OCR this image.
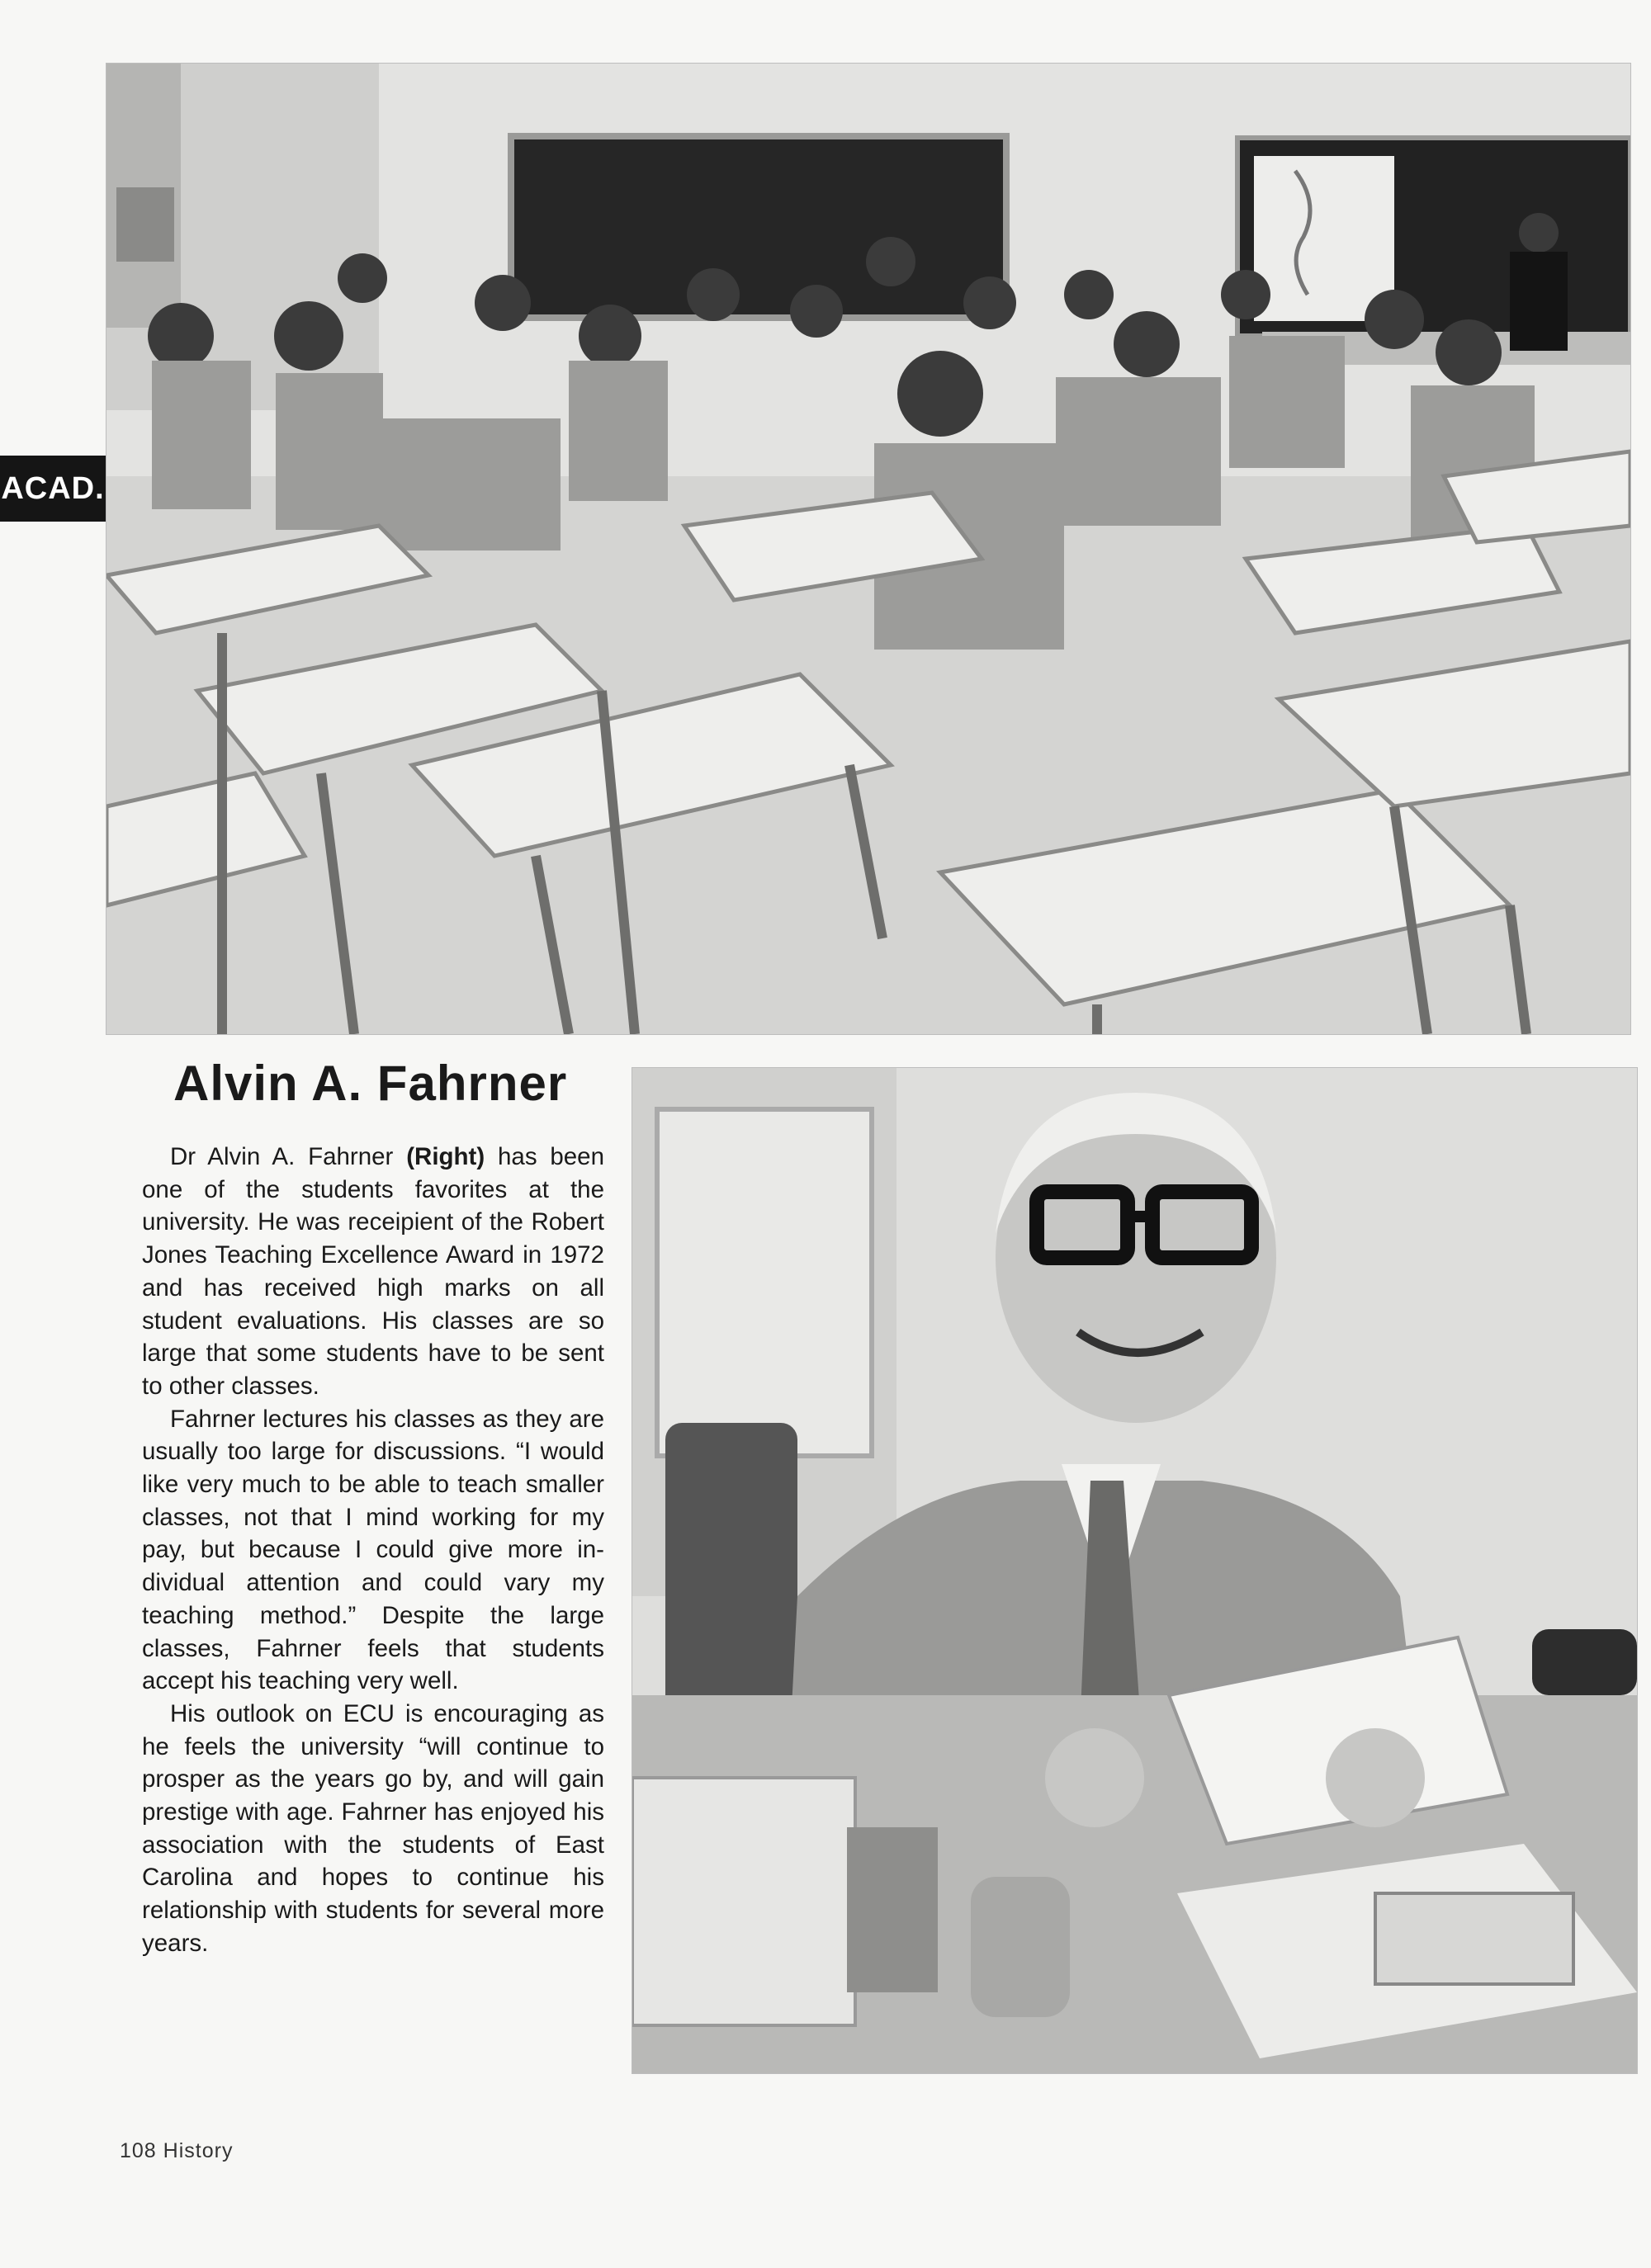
ACAD.
Alvin A. Fahrner

Dr Alvin A. Fahrner (Right) has been one of the students favorites at the university. He was receipient of the Robert Jones Teaching Excellence Award in 1972 and has received high marks on all student evaluations. His classes are so large that some students have to be sent to other classes.

Fahrner lectures his classes as they are usually too large for discussions. “I would like very much to be able to teach smaller classes, not that I mind working for my pay, but because I could give more individual attention and could vary my teaching method.” Despite the large classes, Fahrner feels that students accept his teaching very well.

His outlook on ECU is encouraging as he feels the university “will continue to prosper as the years go by, and will gain prestige with age. Fahrner has enjoyed his association with the students of East Carolina and hopes to continue his relationship with students for several more years.

108 History
